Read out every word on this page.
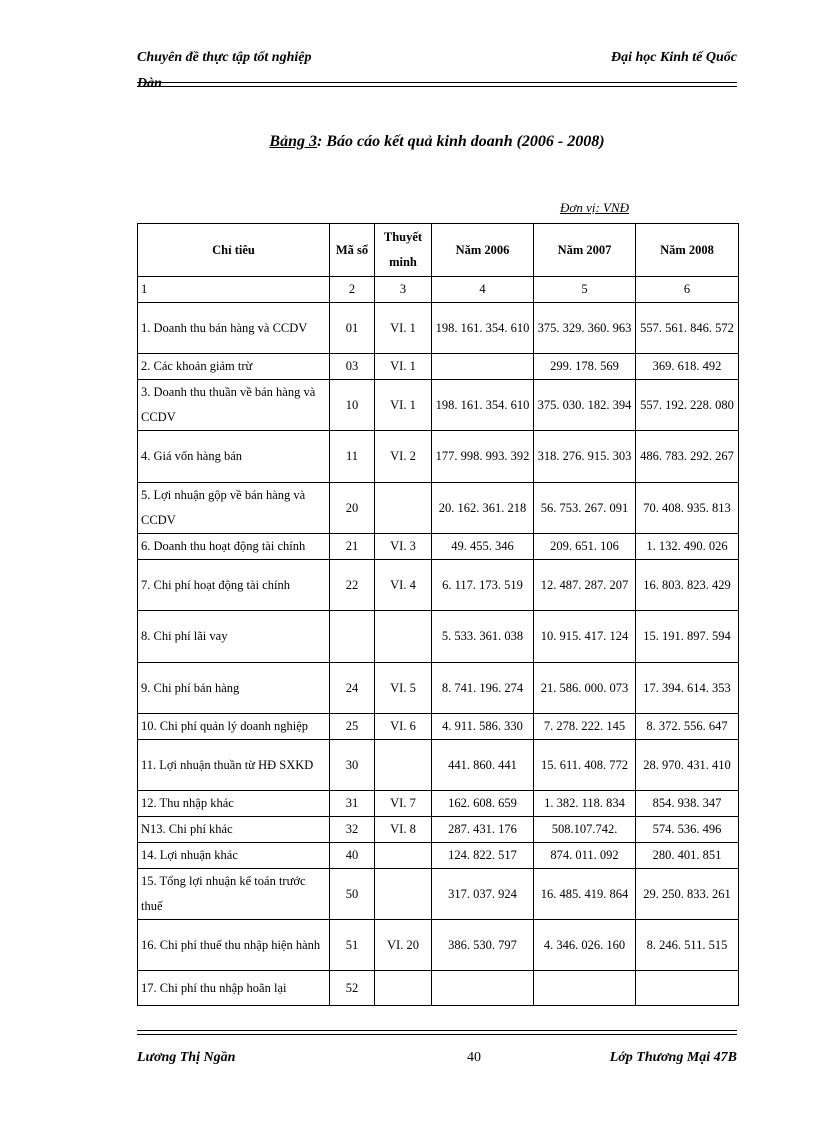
Chuyên đề thực tập tốt nghiệp	Đại học Kinh tế Quốc
Đàn
Bảng 3: Báo cáo kết quả kinh doanh (2006 - 2008)
Đơn vị: VNĐ
Chỉ tiêu	Mã số	Thuyết minh	Năm 2006	Năm 2007	Năm 2008
1	2	3	4	5	6
1. Doanh thu bán hàng và CCDV	01	VI. 1	198. 161. 354. 610	375. 329. 360. 963	557. 561. 846. 572
2. Các khoản giảm trừ	03	VI. 1		299. 178. 569	369. 618. 492
3. Doanh thu thuần về bán hàng và CCDV	10	VI. 1	198. 161. 354. 610	375. 030. 182. 394	557. 192. 228. 080
4. Giá vốn hàng bán	11	VI. 2	177. 998. 993. 392	318. 276. 915. 303	486. 783. 292. 267
5. Lợi nhuận gộp về bán hàng và CCDV	20		20. 162. 361. 218	56. 753. 267. 091	70. 408. 935. 813
6. Doanh thu hoạt động tài chính	21	VI. 3	49. 455. 346	209. 651. 106	1. 132. 490. 026
7. Chi phí hoạt động tài chính	22	VI. 4	6. 117. 173. 519	12. 487. 287. 207	16. 803. 823. 429
8. Chi phí lãi vay			5. 533. 361. 038	10. 915. 417. 124	15. 191. 897. 594
9. Chi phí bán hàng	24	VI. 5	8. 741. 196. 274	21. 586. 000. 073	17. 394. 614. 353
10. Chi phí quản lý doanh nghiệp	25	VI. 6	4. 911. 586. 330	7. 278. 222. 145	8. 372. 556. 647
11. Lợi nhuận thuần từ HĐ SXKD	30		441. 860. 441	15. 611. 408. 772	28. 970. 431. 410
12. Thu nhập khác	31	VI. 7	162. 608. 659	1. 382. 118. 834	854. 938. 347
N13. Chi phí khác	32	VI. 8	287. 431. 176	508.107.742.	574. 536. 496
14. Lợi nhuận khác	40		124. 822. 517	874. 011. 092	280. 401. 851
15. Tổng lợi nhuận kế toán trước thuế	50		317. 037. 924	16. 485. 419. 864	29. 250. 833. 261
16. Chi phí thuế thu nhập hiện hành	51	VI. 20	386. 530. 797	4. 346. 026. 160	8. 246. 511. 515
17. Chi phí thu nhập hoãn lại	52				
Lương Thị Ngần	40	Lớp Thương Mại 47B
